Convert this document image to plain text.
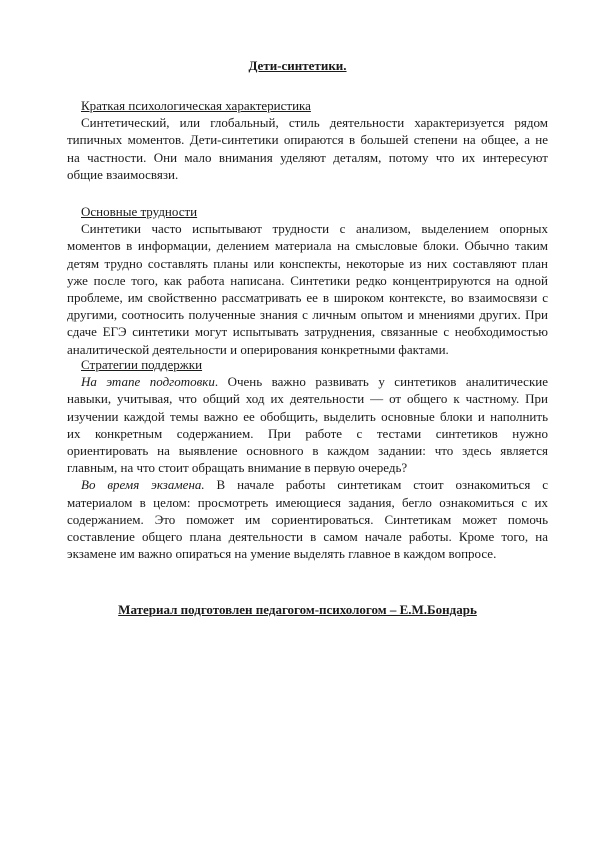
Дети-синтетики.
Краткая психологическая характеристика
Синтетический, или глобальный, стиль деятельности характеризуется рядом
типичных моментов. Дети-синтетики опираются в большей степени на общее, а не
на частности. Они мало внимания уделяют деталям, потому что их интересуют
общие взаимосвязи.
Основные трудности
Синтетики часто испытывают трудности с анализом, выделением опорных
моментов в информации, делением материала на смысловые блоки. Обычно таким
детям трудно составлять планы или конспекты, некоторые из них составляют план
уже после того, как работа написана. Синтетики редко концентрируются на одной
проблеме, им свойственно рассматривать ее в широком контексте, во взаимосвязи с
другими, соотносить полученные знания с личным опытом и мнениями других. При
сдаче ЕГЭ синтетики могут испытывать затруднения, связанные с необходимостью
аналитической деятельности и оперирования конкретными фактами.
Стратегии поддержки
На этапе подготовки. Очень важно развивать у синтетиков аналитические
навыки, учитывая, что общий ход их деятельности — от общего к частному. При
изучении каждой темы важно ее обобщить, выделить основные блоки и наполнить
их конкретным содержанием. При работе с тестами синтетиков нужно
ориентировать на выявление основного в каждом задании: что здесь является
главным, на что стоит обращать внимание в первую очередь?
Во время экзамена. В начале работы синтетикам стоит ознакомиться с
материалом в целом: просмотреть имеющиеся задания, бегло ознакомиться с их
содержанием. Это поможет им сориентироваться. Синтетикам может помочь
составление общего плана деятельности в самом начале работы. Кроме того, на
экзамене им важно опираться на умение выделять главное в каждом вопросе.
Материал подготовлен педагогом-психологом – Е.М.Бондарь
